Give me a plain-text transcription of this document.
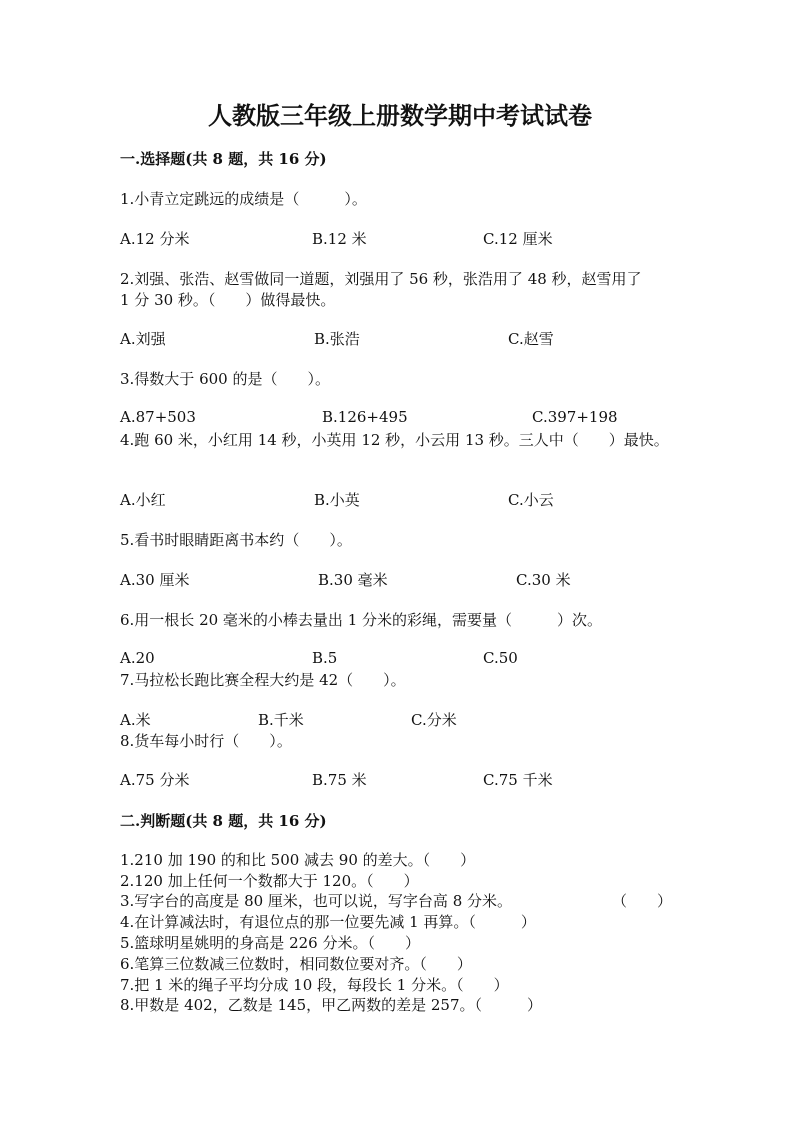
人教版三年级上册数学期中考试试卷
一.选择题(共 8 题，共 16 分)
1.小青立定跳远的成绩是（　　　）。
A.12 分米	B.12 米	C.12 厘米
2.刘强、张浩、赵雪做同一道题，刘强用了 56 秒，张浩用了 48 秒，赵雪用了
1 分 30 秒。（　　）做得最快。
A.刘强	B.张浩	C.赵雪
3.得数大于 600 的是（　　）。
A.87+503	B.126+495	C.397+198
4.跑 60 米，小红用 14 秒，小英用 12 秒，小云用 13 秒。三人中（　　）最快。
A.小红	B.小英	C.小云
5.看书时眼睛距离书本约（　　）。
A.30 厘米	B.30 毫米	C.30 米
6.用一根长 20 毫米的小棒去量出 1 分米的彩绳，需要量（　　　）次。
A.20	B.5	C.50
7.马拉松长跑比赛全程大约是 42（　　）。
A.米	B.千米	C.分米
8.货车每小时行（　　）。
A.75 分米	B.75 米	C.75 千米
二.判断题(共 8 题，共 16 分)
1.210 加 190 的和比 500 减去 90 的差大。（　　）
2.120 加上任何一个数都大于 120。（　　）
3.写字台的高度是 80 厘米，也可以说，写字台高 8 分米。	（　　）
4.在计算减法时，有退位点的那一位要先减 1 再算。（　　　）
5.篮球明星姚明的身高是 226 分米。（　　）
6.笔算三位数减三位数时，相同数位要对齐。（　　）
7.把 1 米的绳子平均分成 10 段，每段长 1 分米。（　　）
8.甲数是 402，乙数是 145，甲乙两数的差是 257。（　　　）
